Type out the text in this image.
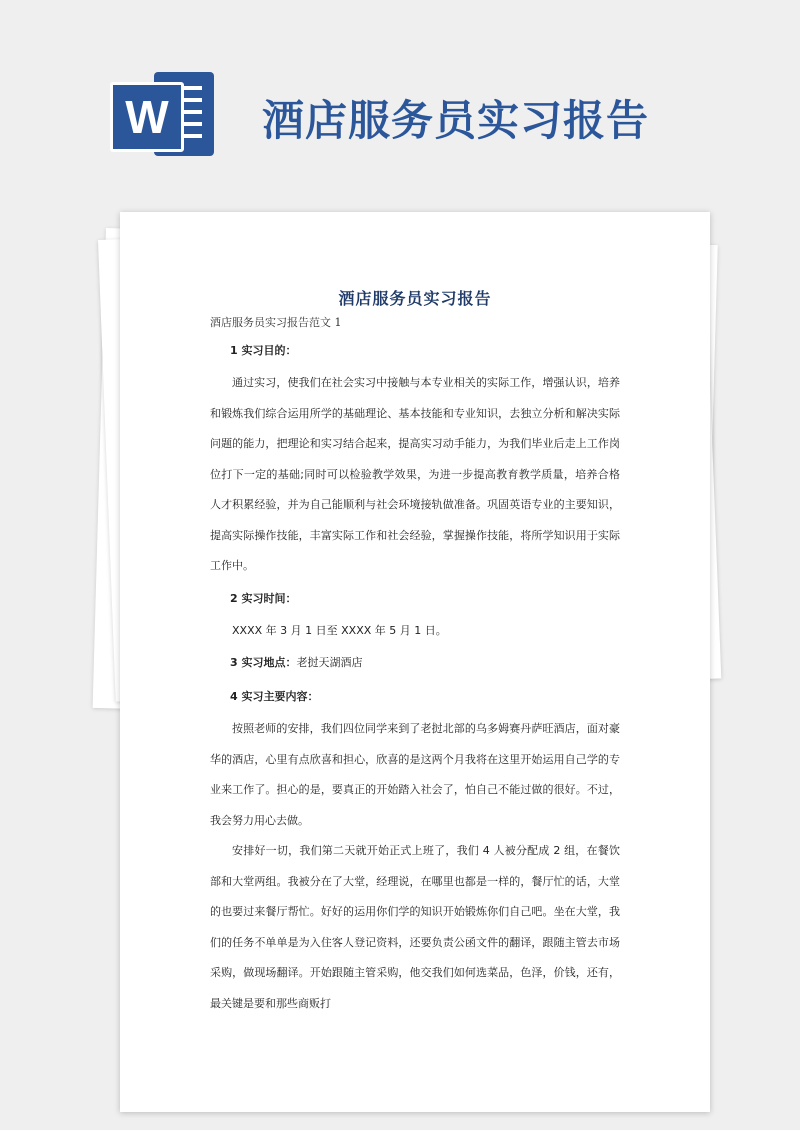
W	酒店服务员实习报告
酒店服务员实习报告
酒店服务员实习报告范文 1

1 实习目的：

通过实习，使我们在社会实习中接触与本专业相关的实际工作，增强认识，培养和锻炼我们综合运用所学的基础理论、基本技能和专业知识，去独立分析和解决实际问题的能力，把理论和实习结合起来，提高实习动手能力，为我们毕业后走上工作岗位打下一定的基础;同时可以检验教学效果，为进一步提高教育教学质量，培养合格人才积累经验，并为自己能顺利与社会环境接轨做准备。巩固英语专业的主要知识，提高实际操作技能，丰富实际工作和社会经验，掌握操作技能，将所学知识用于实际工作中。

2 实习时间：

XXXX 年 3 月 1 日至 XXXX 年 5 月 1 日。

3 实习地点：老挝天湖酒店

4 实习主要内容：

按照老师的安排，我们四位同学来到了老挝北部的乌多姆赛丹萨旺酒店，面对豪华的酒店，心里有点欣喜和担心，欣喜的是这两个月我将在这里开始运用自己学的专业来工作了。担心的是，要真正的开始踏入社会了，怕自己不能过做的很好。不过，我会努力用心去做。

安排好一切，我们第二天就开始正式上班了，我们 4 人被分配成 2 组，在餐饮部和大堂两组。我被分在了大堂，经理说，在哪里也都是一样的，餐厅忙的话，大堂的也要过来餐厅帮忙。好好的运用你们学的知识开始锻炼你们自己吧。坐在大堂，我们的任务不单单是为入住客人登记资料，还要负责公函文件的翻译，跟随主管去市场采购，做现场翻译。开始跟随主管采购，他交我们如何选菜品，色泽，价钱，还有，最关键是要和那些商贩打
